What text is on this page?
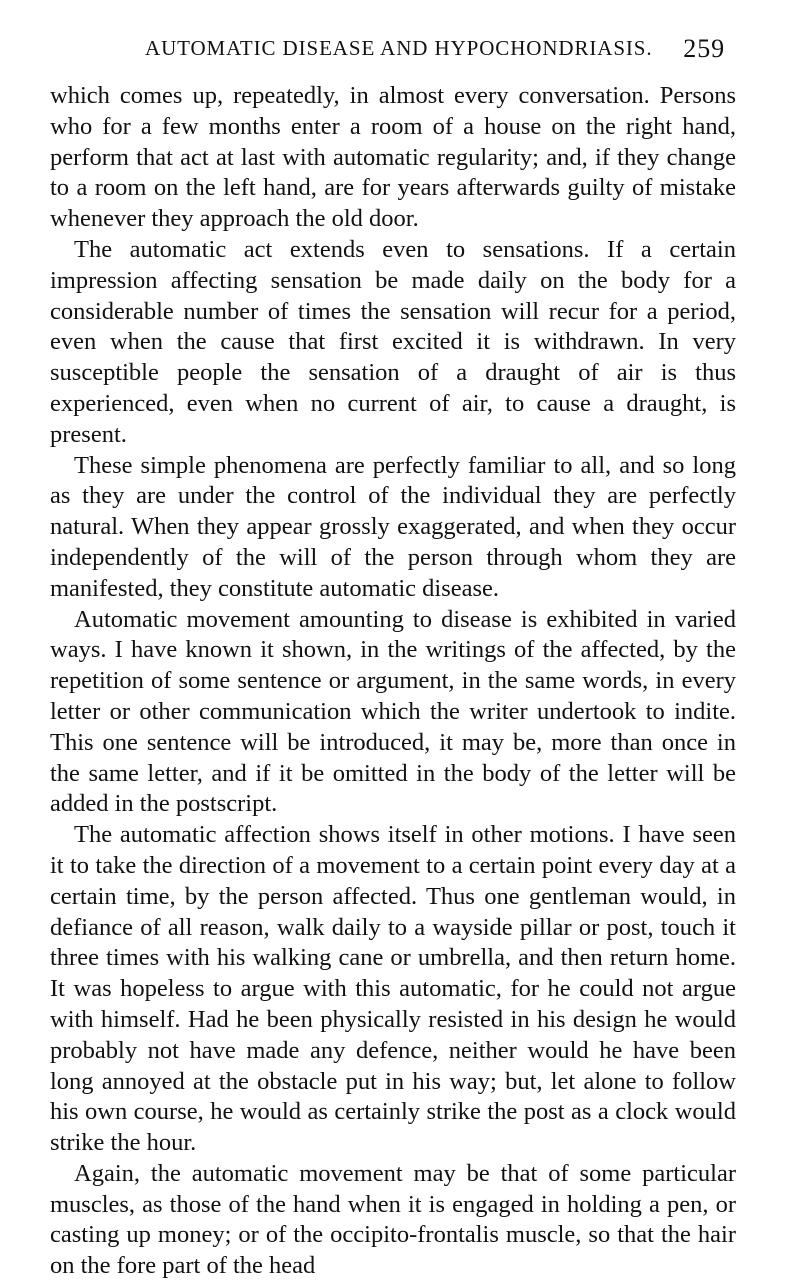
AUTOMATIC DISEASE AND HYPOCHONDRIASIS. 259

which comes up, repeatedly, in almost every conversation. Persons who for a few months enter a room of a house on the right hand, perform that act at last with automatic regularity; and, if they change to a room on the left hand, are for years afterwards guilty of mistake whenever they approach the old door.

The automatic act extends even to sensations. If a certain impression affecting sensation be made daily on the body for a considerable number of times the sensation will recur for a period, even when the cause that first excited it is withdrawn. In very susceptible people the sensation of a draught of air is thus experienced, even when no current of air, to cause a draught, is present.

These simple phenomena are perfectly familiar to all, and so long as they are under the control of the individual they are perfectly natural. When they appear grossly exaggerated, and when they occur independently of the will of the person through whom they are manifested, they constitute automatic disease.

Automatic movement amounting to disease is exhibited in varied ways. I have known it shown, in the writings of the affected, by the repetition of some sentence or argument, in the same words, in every letter or other communication which the writer undertook to indite. This one sentence will be introduced, it may be, more than once in the same letter, and if it be omitted in the body of the letter will be added in the postscript.

The automatic affection shows itself in other motions. I have seen it to take the direction of a movement to a certain point every day at a certain time, by the person affected. Thus one gentleman would, in defiance of all reason, walk daily to a wayside pillar or post, touch it three times with his walking cane or umbrella, and then return home. It was hopeless to argue with this automatic, for he could not argue with himself. Had he been physically resisted in his design he would probably not have made any defence, neither would he have been long annoyed at the obstacle put in his way; but, let alone to follow his own course, he would as certainly strike the post as a clock would strike the hour.

Again, the automatic movement may be that of some particular muscles, as those of the hand when it is engaged in holding a pen, or casting up money; or of the occipito-frontalis muscle, so that the hair on the fore part of the head
